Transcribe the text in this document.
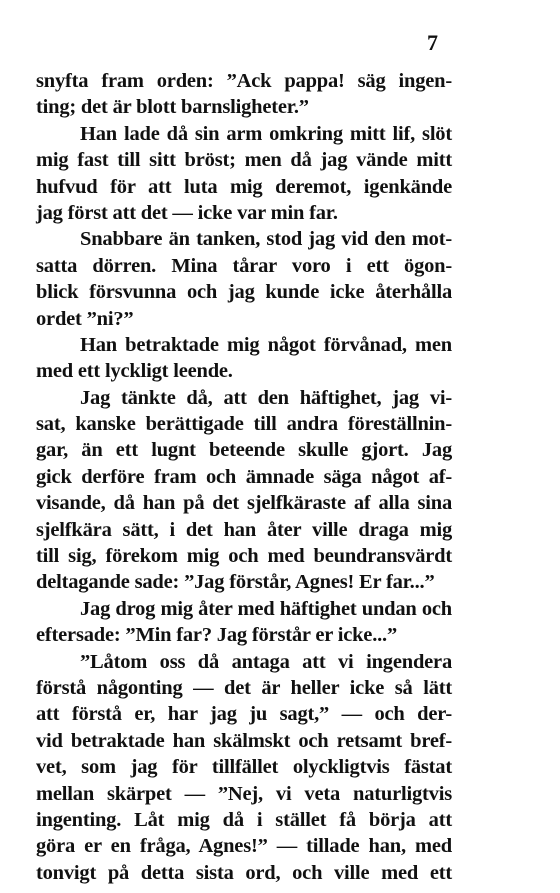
7
snyfta fram orden: ”Ack pappa! säg ingen-
ting; det är blott barnsligheter.”
Han lade då sin arm omkring mitt lif, slöt
mig fast till sitt bröst; men då jag vände mitt
hufvud för att luta mig deremot, igenkände
jag först att det — icke var min far.
Snabbare än tanken, stod jag vid den mot-
satta dörren. Mina tårar voro i ett ögon-
blick försvunna och jag kunde icke återhålla
ordet ”ni?”
Han betraktade mig något förvånad, men
med ett lyckligt leende.
Jag tänkte då, att den häftighet, jag vi-
sat, kanske berättigade till andra föreställnin-
gar, än ett lugnt beteende skulle gjort. Jag
gick derföre fram och ämnade säga något af-
visande, då han på det sjelfkäraste af alla sina
sjelfkära sätt, i det han åter ville draga mig
till sig, förekom mig och med beundransvärdt
deltagande sade: ”Jag förstår, Agnes! Er far...”
Jag drog mig åter med häftighet undan och
eftersade: ”Min far? Jag förstår er icke...”
”Låtom oss då antaga att vi ingendera
förstå någonting — det är heller icke så lätt
att förstå er, har jag ju sagt,” — och der-
vid betraktade han skälmskt och retsamt bref-
vet, som jag för tillfället olyckligtvis fästat
mellan skärpet — ”Nej, vi veta naturligtvis
ingenting. Låt mig då i stället få börja att
göra er en fråga, Agnes!” — tillade han, med
tonvigt på detta sista ord, och ville med ett
